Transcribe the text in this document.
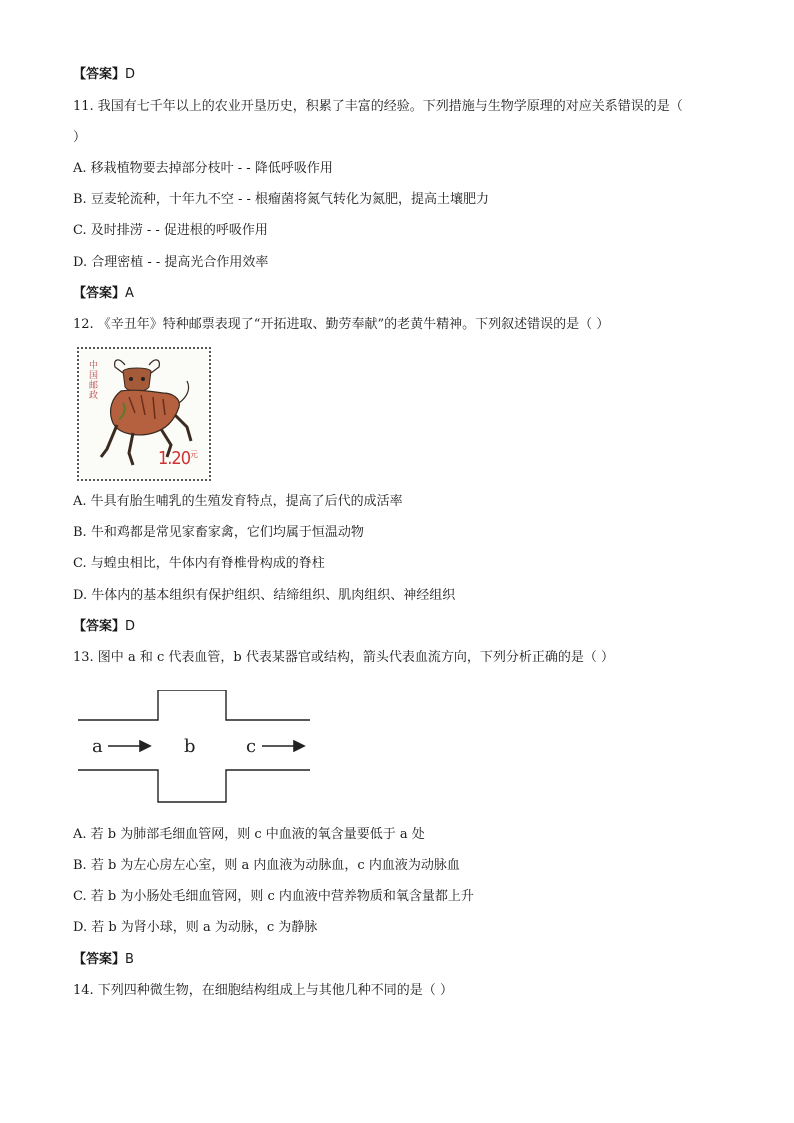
【答案】D
11. 我国有七千年以上的农业开垦历史，积累了丰富的经验。下列措施与生物学原理的对应关系错误的是（
）
A. 移栽植物要去掉部分枝叶 - - 降低呼吸作用
B. 豆麦轮流种，十年九不空 - - 根瘤菌将氮气转化为氮肥，提高土壤肥力
C. 及时排涝 - - 促进根的呼吸作用
D. 合理密植 - - 提高光合作用效率
【答案】A
12. 《辛丑年》特种邮票表现了“开拓进取、勤劳奉献”的老黄牛精神。下列叙述错误的是（ ）
中国邮政
$1.20^元$
A. 牛具有胎生哺乳的生殖发育特点，提高了后代的成活率
B. 牛和鸡都是常见家畜家禽，它们均属于恒温动物
C. 与蝗虫相比，牛体内有脊椎骨构成的脊柱
D. 牛体内的基本组织有保护组织、结缔组织、肌肉组织、神经组织
【答案】D
13. 图中 a 和 c 代表血管，b 代表某器官或结构，箭头代表血流方向，下列分析正确的是（ ）
a	b	c
A. 若 b 为肺部毛细血管网，则 c 中血液的氧含量要低于 a 处
B. 若 b 为左心房左心室，则 a 内血液为动脉血，c 内血液为动脉血
C. 若 b 为小肠处毛细血管网，则 c 内血液中营养物质和氧含量都上升
D. 若 b 为肾小球，则 a 为动脉，c 为静脉
【答案】B
14. 下列四种微生物，在细胞结构组成上与其他几种不同的是（ ）
